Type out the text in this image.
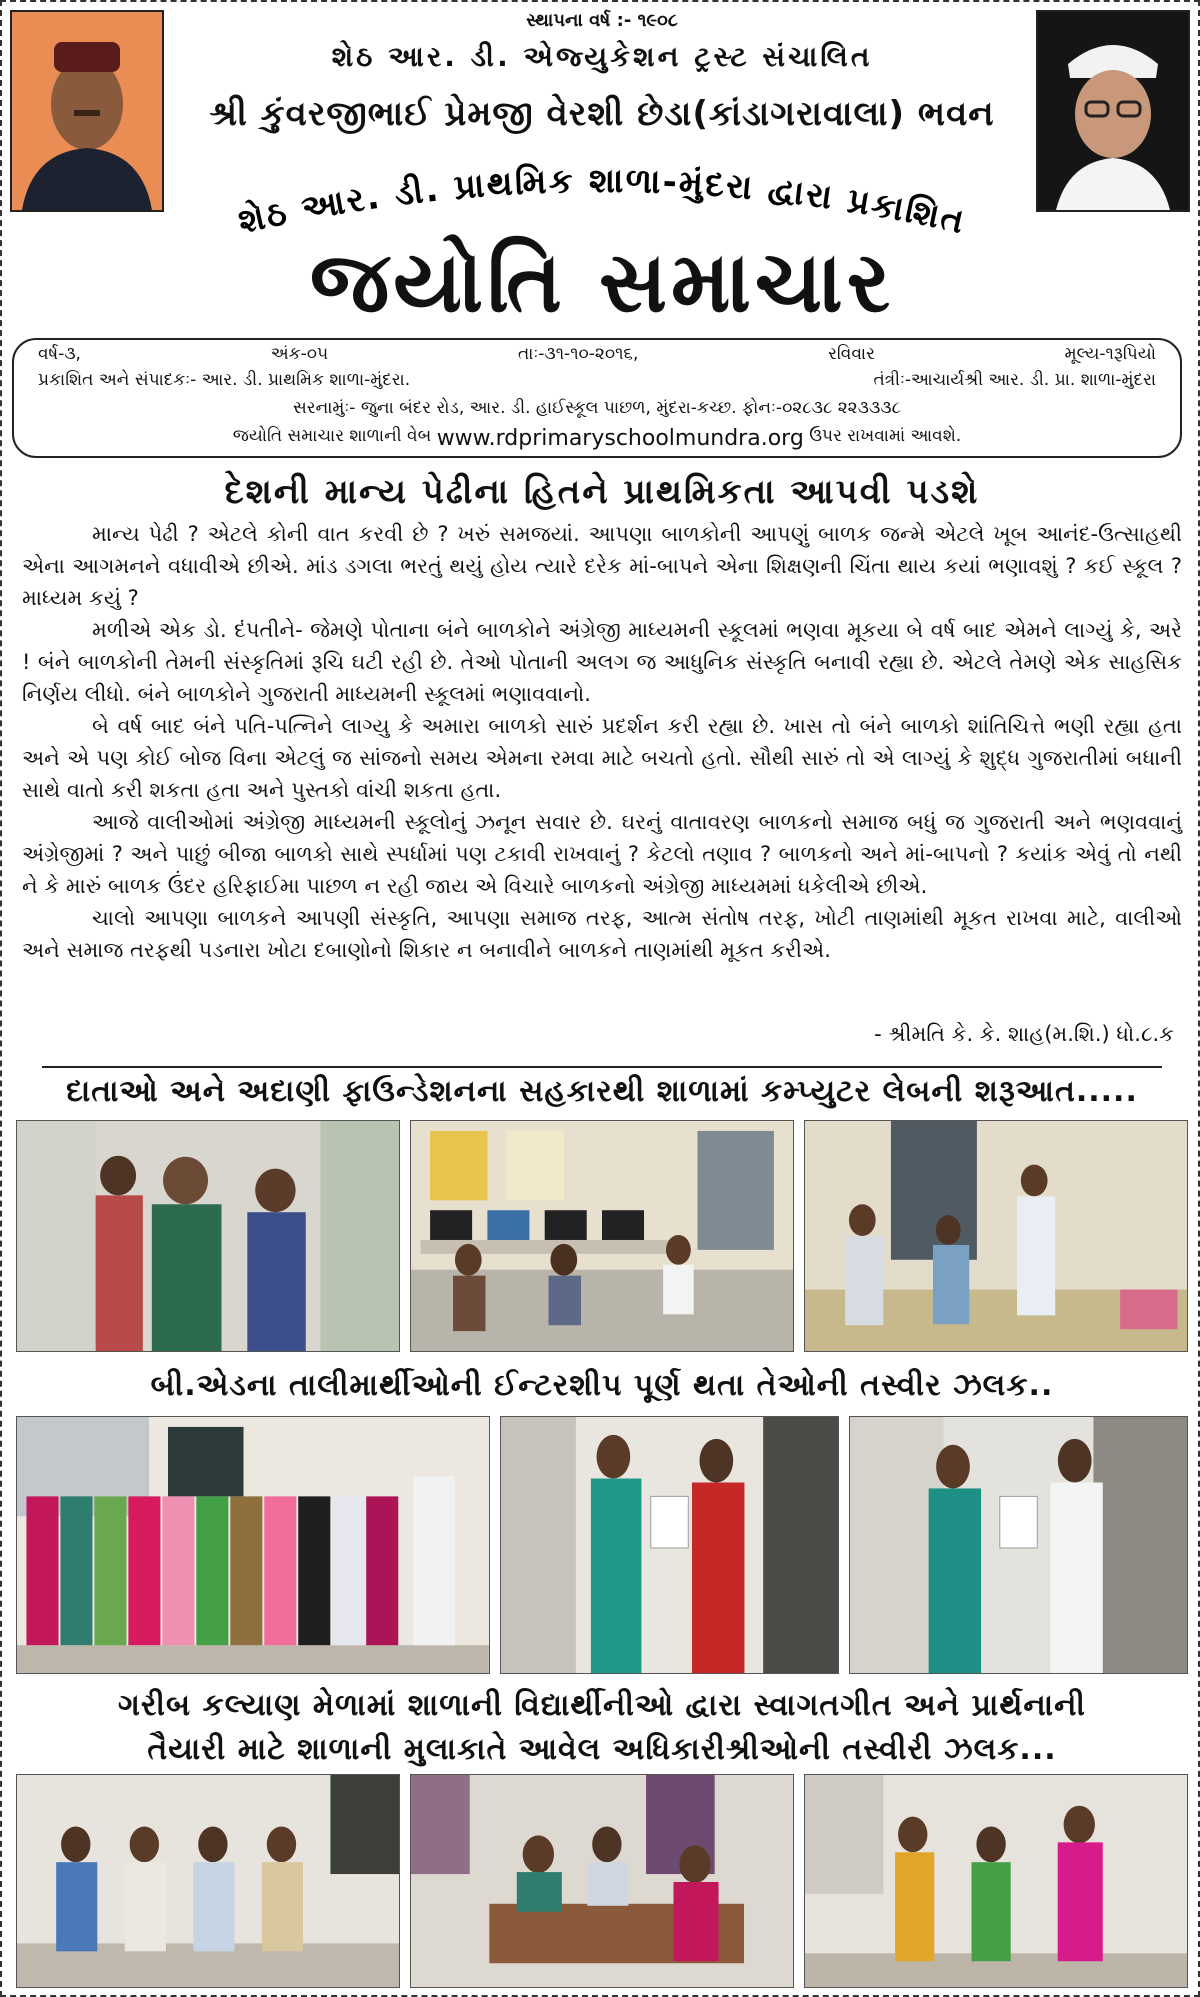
સ્થાપના વર્ષ :- ૧૯૦૮
શેઠ આર. ડી. એજ્યુકેશન ટ્રસ્ટ સંચાલિત
શ્રી કુંવરજીભાઈ પ્રેમજી વેરશી છેડા(કાંડાગરાવાલા) ભવન
શેઠ આર. ડી. પ્રાથમિક શાળા-મુંદરા દ્વારા પ્રકાશિત
જયોતિ સમાચાર
વર્ષ-૩,	અંક-૦૫	તાઃ-૩૧-૧૦-૨૦૧૬,	રવિવાર	મૂલ્ય-૧રૂપિયો
પ્રકાશિત અને સંપાદકઃ- આર. ડી. પ્રાથમિક શાળા-મુંદરા.	તંત્રીઃ-આચાર્યશ્રી આર. ડી. પ્રા. શાળા-મુંદરા
સરનામુંઃ- જુના બંદર રોડ, આર. ડી. હાઈસ્કૂલ પાછળ, મુંદરા-કચ્છ. ફોનઃ-૦૨૮૩૮ ૨૨૩૩૩૮
જયોતિ સમાચાર શાળાની વેબ
www.rdprimaryschoolmundra.org
ઉપર રાખવામાં આવશે.
દેશની માન્ય પેઢીના હિતને પ્રાથમિકતા આપવી પડશે

માન્ય પેઢી ? એટલે કોની વાત કરવી છે ? ખરું સમજયાં. આપણા બાળકોની આપણું બાળક જન્મે એટલે ખૂબ આનંદ-ઉત્સાહથી એના આગમનને વધાવીએ છીએ. માંડ ડગલા ભરતું થયું હોય ત્યારે દરેક માં-બાપને એના શિક્ષણની ચિંતા થાય કયાં ભણાવશું ? કઈ સ્કૂલ ? માધ્યમ કયું ?

મળીએ એક ડો. દંપતીને- જેમણે પોતાના બંને બાળકોને અંગ્રેજી માધ્યમની સ્કૂલમાં ભણવા મૂકયા બે વર્ષ બાદ એમને લાગ્યું કે, અરે ! બંને બાળકોની તેમની સંસ્કૃતિમાં રૂચિ ઘટી રહી છે. તેઓ પોતાની અલગ જ આધુનિક સંસ્કૃતિ બનાવી રહ્યા છે. એટલે તેમણે એક સાહસિક નિર્ણય લીધો. બંને બાળકોને ગુજરાતી માધ્યમની સ્કૂલમાં ભણાવવાનો.

બે વર્ષ બાદ બંને પતિ-પત્નિને લાગ્યુ કે અમારા બાળકો સારું પ્રદર્શન કરી રહ્યા છે. ખાસ તો બંને બાળકો શાંતિચિત્તે ભણી રહ્યા હતા અને એ પણ કોઈ બોજ વિના એટલું જ સાંજનો સમય એમના રમવા માટે બચતો હતો. સૌથી સારું તો એ લાગ્યું કે શુદ્ધ ગુજરાતીમાં બધાની સાથે વાતો કરી શકતા હતા અને પુસ્તકો વાંચી શકતા હતા.

આજે વાલીઓમાં અંગ્રેજી માધ્યમની સ્કૂલોનું ઝનૂન સવાર છે. ઘરનું વાતાવરણ બાળકનો સમાજ બધું જ ગુજરાતી અને ભણવવાનું અંગ્રેજીમાં ? અને પાછું બીજા બાળકો સાથે સ્પર્ધામાં પણ ટકાવી રાખવાનું ? કેટલો તણાવ ? બાળકનો અને માં-બાપનો ? કયાંક એવું તો નથી ને કે મારું બાળક ઉંદર હરિફાઈમા પાછળ ન રહી જાય એ વિચારે બાળકનો અંગ્રેજી માધ્યમમાં ધકેલીએ છીએ.

ચાલો આપણા બાળકને આપણી સંસ્કૃતિ, આપણા સમાજ તરફ, આત્મ સંતોષ તરફ, ખોટી તાણમાંથી મૂકત રાખવા માટે, વાલીઓ અને સમાજ તરફથી પડનારા ખોટા દબાણોનો શિકાર ન બનાવીને બાળકને તાણમાંથી મૂકત કરીએ.

- શ્રીમતિ કે. કે. શાહ(મ.શિ.) ધો.૮.ક
દાતાઓ અને અદાણી ફાઉન્ડેશનના સહકારથી શાળામાં કમ્પ્યુટર લેબની શરૂઆત.....
બી.એડના તાલીમાર્થીઓની ઈન્ટરશીપ પૂર્ણ થતા તેઓની તસ્વીર ઝલક..
ગરીબ કલ્યાણ મેળામાં શાળાની વિદ્યાર્થીનીઓ દ્વારા સ્વાગતગીત અને પ્રાર્થનાની
તૈયારી માટે શાળાની મુલાકાતે આવેલ અધિકારીશ્રીઓની તસ્વીરી ઝલક...
